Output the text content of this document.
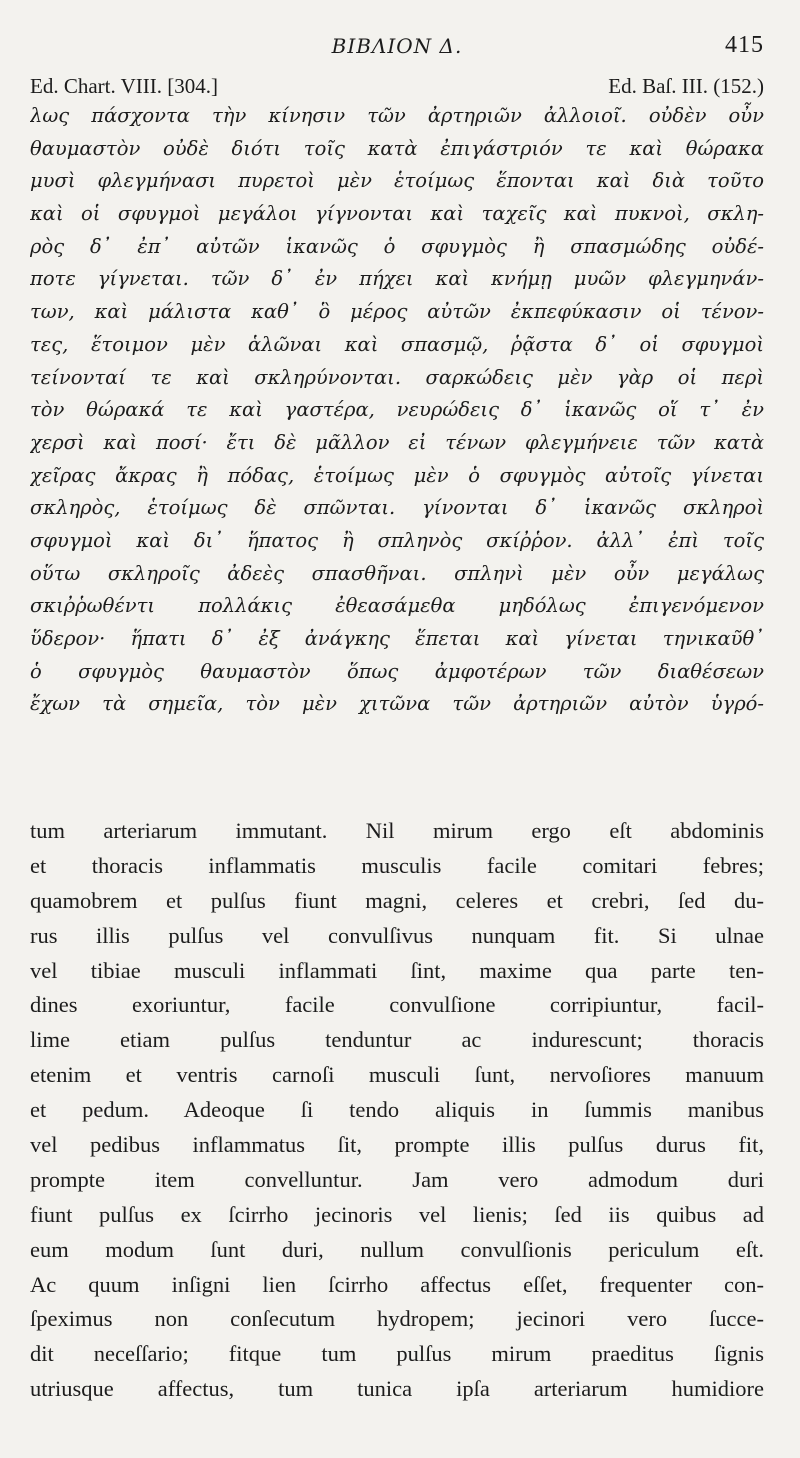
ΒΙΒΛΙΟΝ Δ.	415
Ed. Chart. VIII. [304.]	Ed. Baſ. III. (152.)
λως πάσχοντα τὴν κίνησιν τῶν ἀρτηριῶν ἀλλοιοῖ. οὐδὲν οὖν
θαυμαστὸν οὐδὲ διότι τοῖς κατὰ ἐπιγάστριόν τε καὶ θώρακα
μυσὶ φλεγμήνασι πυρετοὶ μὲν ἑτοίμως ἕπονται καὶ διὰ τοῦτο
καὶ οἱ σφυγμοὶ μεγάλοι γίγνονται καὶ ταχεῖς καὶ πυκνοὶ, σκλη-
ρὸς δ᾽ ἐπ᾽ αὐτῶν ἱκανῶς ὁ σφυγμὸς ἢ σπασμώδης οὐδέ-
ποτε γίγνεται. τῶν δ᾽ ἐν πήχει καὶ κνήμῃ μυῶν φλεγμηνάν-
των, καὶ μάλιστα καθ᾽ ὃ μέρος αὐτῶν ἐκπεφύκασιν οἱ τένον-
τες, ἕτοιμον μὲν ἁλῶναι καὶ σπασμῷ, ῥᾷστα δ᾽ οἱ σφυγμοὶ
τείνονταί τε καὶ σκληρύνονται. σαρκώδεις μὲν γὰρ οἱ περὶ
τὸν θώρακά τε καὶ γαστέρα, νευρώδεις δ᾽ ἱκανῶς οἵ τ᾽ ἐν
χερσὶ καὶ ποσί· ἔτι δὲ μᾶλλον εἰ τένων φλεγμήνειε τῶν κατὰ
χεῖρας ἄκρας ἢ πόδας, ἑτοίμως μὲν ὁ σφυγμὸς αὐτοῖς γίνεται
σκληρὸς, ἑτοίμως δὲ σπῶνται. γίνονται δ᾽ ἱκανῶς σκληροὶ
σφυγμοὶ καὶ δι᾽ ἥπατος ἢ σπληνὸς σκίῤῥον. ἀλλ᾽ ἐπὶ τοῖς
οὕτω σκληροῖς ἀδεὲς σπασθῆναι. σπληνὶ μὲν οὖν μεγάλως
σκιῤῥωθέντι πολλάκις ἐθεασάμεθα μηδόλως ἐπιγενόμενον
ὕδερον· ἥπατι δ᾽ ἐξ ἀνάγκης ἕπεται καὶ γίνεται τηνικαῦθ᾽
ὁ σφυγμὸς θαυμαστὸν ὅπως ἀμφοτέρων τῶν διαθέσεων
ἔχων τὰ σημεῖα, τὸν μὲν χιτῶνα τῶν ἀρτηριῶν αὐτὸν ὑγρό-
tum arteriarum immutant. Nil mirum ergo eſt abdominis
et thoracis inflammatis musculis facile comitari febres;
quamobrem et pulſus fiunt magni, celeres et crebri, ſed du-
rus illis pulſus vel convulſivus nunquam fit. Si ulnae
vel tibiae musculi inflammati ſint, maxime qua parte ten-
dines exoriuntur, facile convulſione corripiuntur, facil-
lime etiam pulſus tenduntur ac indurescunt; thoracis
etenim et ventris carnoſi musculi ſunt, nervoſiores manuum
et pedum. Adeoque ſi tendo aliquis in ſummis manibus
vel pedibus inflammatus ſit, prompte illis pulſus durus fit,
prompte item convelluntur. Jam vero admodum duri
fiunt pulſus ex ſcirrho jecinoris vel lienis; ſed iis quibus ad
eum modum ſunt duri, nullum convulſionis periculum eſt.
Ac quum inſigni lien ſcirrho affectus eſſet, frequenter con-
ſpeximus non conſecutum hydropem; jecinori vero ſucce-
dit neceſſario; fitque tum pulſus mirum praeditus ſignis
utriusque affectus, tum tunica ipſa arteriarum humidiore
